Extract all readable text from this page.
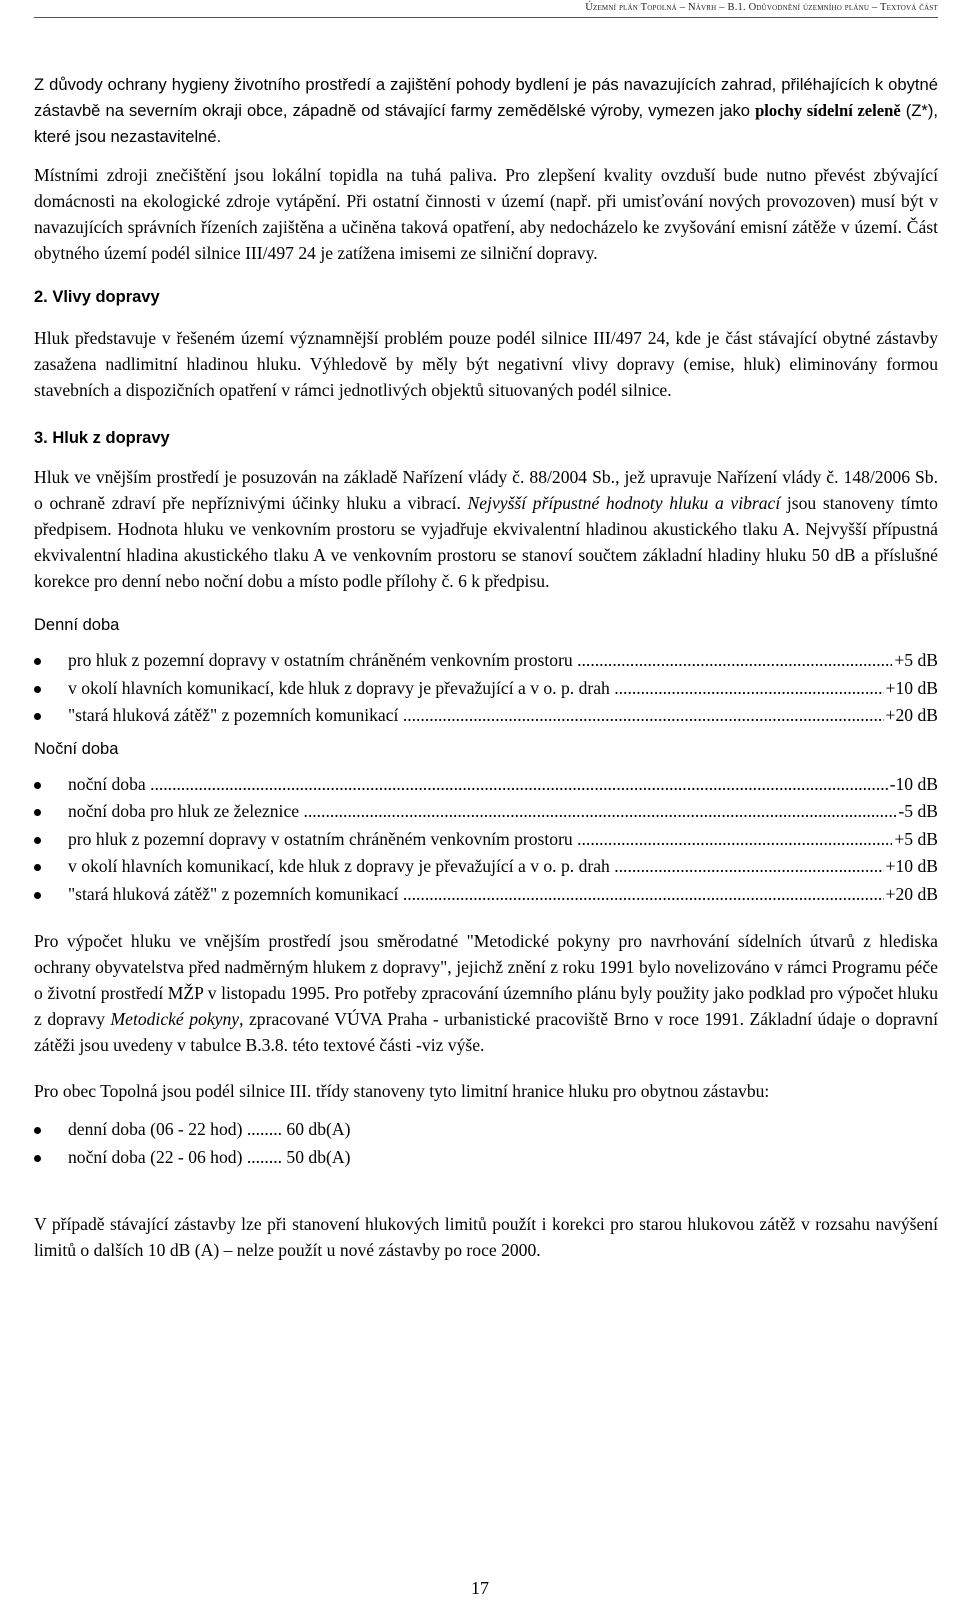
Územní plán Topolná – Návrh – B.1. Odůvodnění územního plánu – Textová část

Z důvody ochrany hygieny životního prostředí a zajištění pohody bydlení je pás navazujících zahrad, přiléhajících k obytné zástavbě na severním okraji obce, západně od stávající farmy zemědělské výroby, vymezen jako plochy sídelní zeleně (Z*), které jsou nezastavitelné.

Místními zdroji znečištění jsou lokální topidla na tuhá paliva. Pro zlepšení kvality ovzduší bude nutno převést zbývající domácnosti na ekologické zdroje vytápění. Při ostatní činnosti v území (např. při umisťování nových provozoven) musí být v navazujících správních řízeních zajištěna a učiněna taková opatření, aby nedocházelo ke zvyšování emisní zátěže v území. Část obytného území podél silnice III/497 24 je zatížena imisemi ze silniční dopravy.

2. Vlivy dopravy

Hluk představuje v řešeném území významnější problém pouze podél silnice III/497 24, kde je část stávající obytné zástavby zasažena nadlimitní hladinou hluku. Výhledově by měly být negativní vlivy dopravy (emise, hluk) eliminovány formou stavebních a dispozičních opatření v rámci jednotlivých objektů situovaných podél silnice.

3. Hluk z dopravy

Hluk ve vnějším prostředí je posuzován na základě Nařízení vlády č. 88/2004 Sb., jež upravuje Nařízení vlády č. 148/2006 Sb. o ochraně zdraví pře nepříznivými účinky hluku a vibrací. Nejvyšší přípustné hodnoty hluku a vibrací jsou stanoveny tímto předpisem. Hodnota hluku ve venkovním prostoru se vyjadřuje ekvivalentní hladinou akustického tlaku A. Nejvyšší přípustná ekvivalentní hladina akustického tlaku A ve venkovním prostoru se stanoví součtem základní hladiny hluku 50 dB a příslušné korekce pro denní nebo noční dobu a místo podle přílohy č. 6 k předpisu.

Denní doba
pro hluk z pozemní dopravy v ostatním chráněném venkovním prostoru .....	+5 dB
v okolí hlavních komunikací, kde hluk z dopravy je převažující a v o. p. drah .....	+10 dB
"stará hluková zátěž" z pozemních komunikací .....	+20 dB
Noční doba
noční doba .....	-10 dB
noční doba pro hluk ze železnice .....	-5 dB
pro hluk z pozemní dopravy v ostatním chráněném venkovním prostoru .....	+5 dB
v okolí hlavních komunikací, kde hluk z dopravy je převažující a v o. p. drah .....	+10 dB
"stará hluková zátěž" z pozemních komunikací .....	+20 dB

Pro výpočet hluku ve vnějším prostředí jsou směrodatné "Metodické pokyny pro navrhování sídelních útvarů z hlediska ochrany obyvatelstva před nadměrným hlukem z dopravy", jejichž znění z roku 1991 bylo novelizováno v rámci Programu péče o životní prostředí MŽP v listopadu 1995. Pro potřeby zpracování územního plánu byly použity jako podklad pro výpočet hluku z dopravy Metodické pokyny, zpracované VÚVA Praha - urbanistické pracoviště Brno v roce 1991. Základní údaje o dopravní zátěži jsou uvedeny v tabulce B.3.8. této textové části -viz výše.

Pro obec Topolná jsou podél silnice III. třídy stanoveny tyto limitní hranice hluku pro obytnou zástavbu:

denní doba (06 - 22 hod) ........ 60 db(A)
noční doba (22 - 06 hod) ........ 50 db(A)

V případě stávající zástavby lze při stanovení hlukových limitů použít i korekci pro starou hlukovou zátěž v rozsahu navýšení limitů o dalších 10 dB (A) – nelze použít u nové zástavby po roce 2000.

17
